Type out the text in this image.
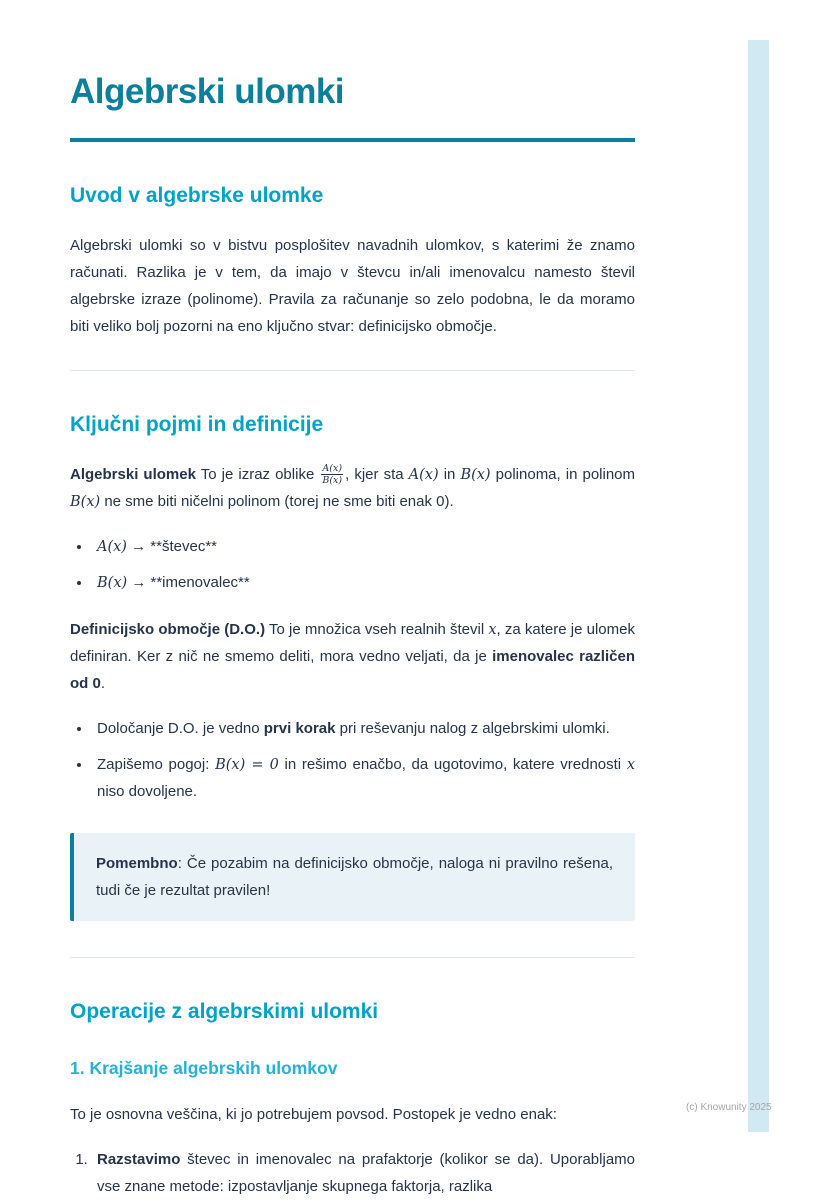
Algebrski ulomki
Uvod v algebrske ulomke

Algebrski ulomki so v bistvu posplošitev navadnih ulomkov, s katerimi že znamo računati. Razlika je v tem, da imajo v števcu in/ali imenovalcu namesto števil algebrske izraze (polinome). Pravila za računanje so zelo podobna, le da moramo biti veliko bolj pozorni na eno ključno stvar: definicijsko območje.

Ključni pojmi in definicije

Algebrski ulomek To je izraz oblike $\frac{A(x)}{B(x)}$ , kjer sta A(x) in B(x) polinoma, in polinom B(x) ne sme biti ničelni polinom (torej ne sme biti enak 0).

• A(x) → **števec**
• B(x) → **imenovalec**

Definicijsko območje (D.O.) To je množica vseh realnih števil x, za katere je ulomek definiran. Ker z nič ne smemo deliti, mora vedno veljati, da je imenovalec različen od 0.

• Določanje D.O. je vedno prvi korak pri reševanju nalog z algebrskimi ulomki.
• Zapišemo pogoj: B(x) = 0 in rešimo enačbo, da ugotovimo, katere vrednosti x niso dovoljene.

Pomembno: Če pozabim na definicijsko območje, naloga ni pravilno rešena, tudi če je rezultat pravilen!

Operacije z algebrskimi ulomki
1. Krajšanje algebrskih ulomkov

To je osnovna veščina, ki jo potrebujem povsod. Postopek je vedno enak:

1. Razstavimo števec in imenovalec na prafaktorje (kolikor se da). Uporabljamo vse znane metode: izpostavljanje skupnega faktorja, razlika
(c) Knowunity 2025
